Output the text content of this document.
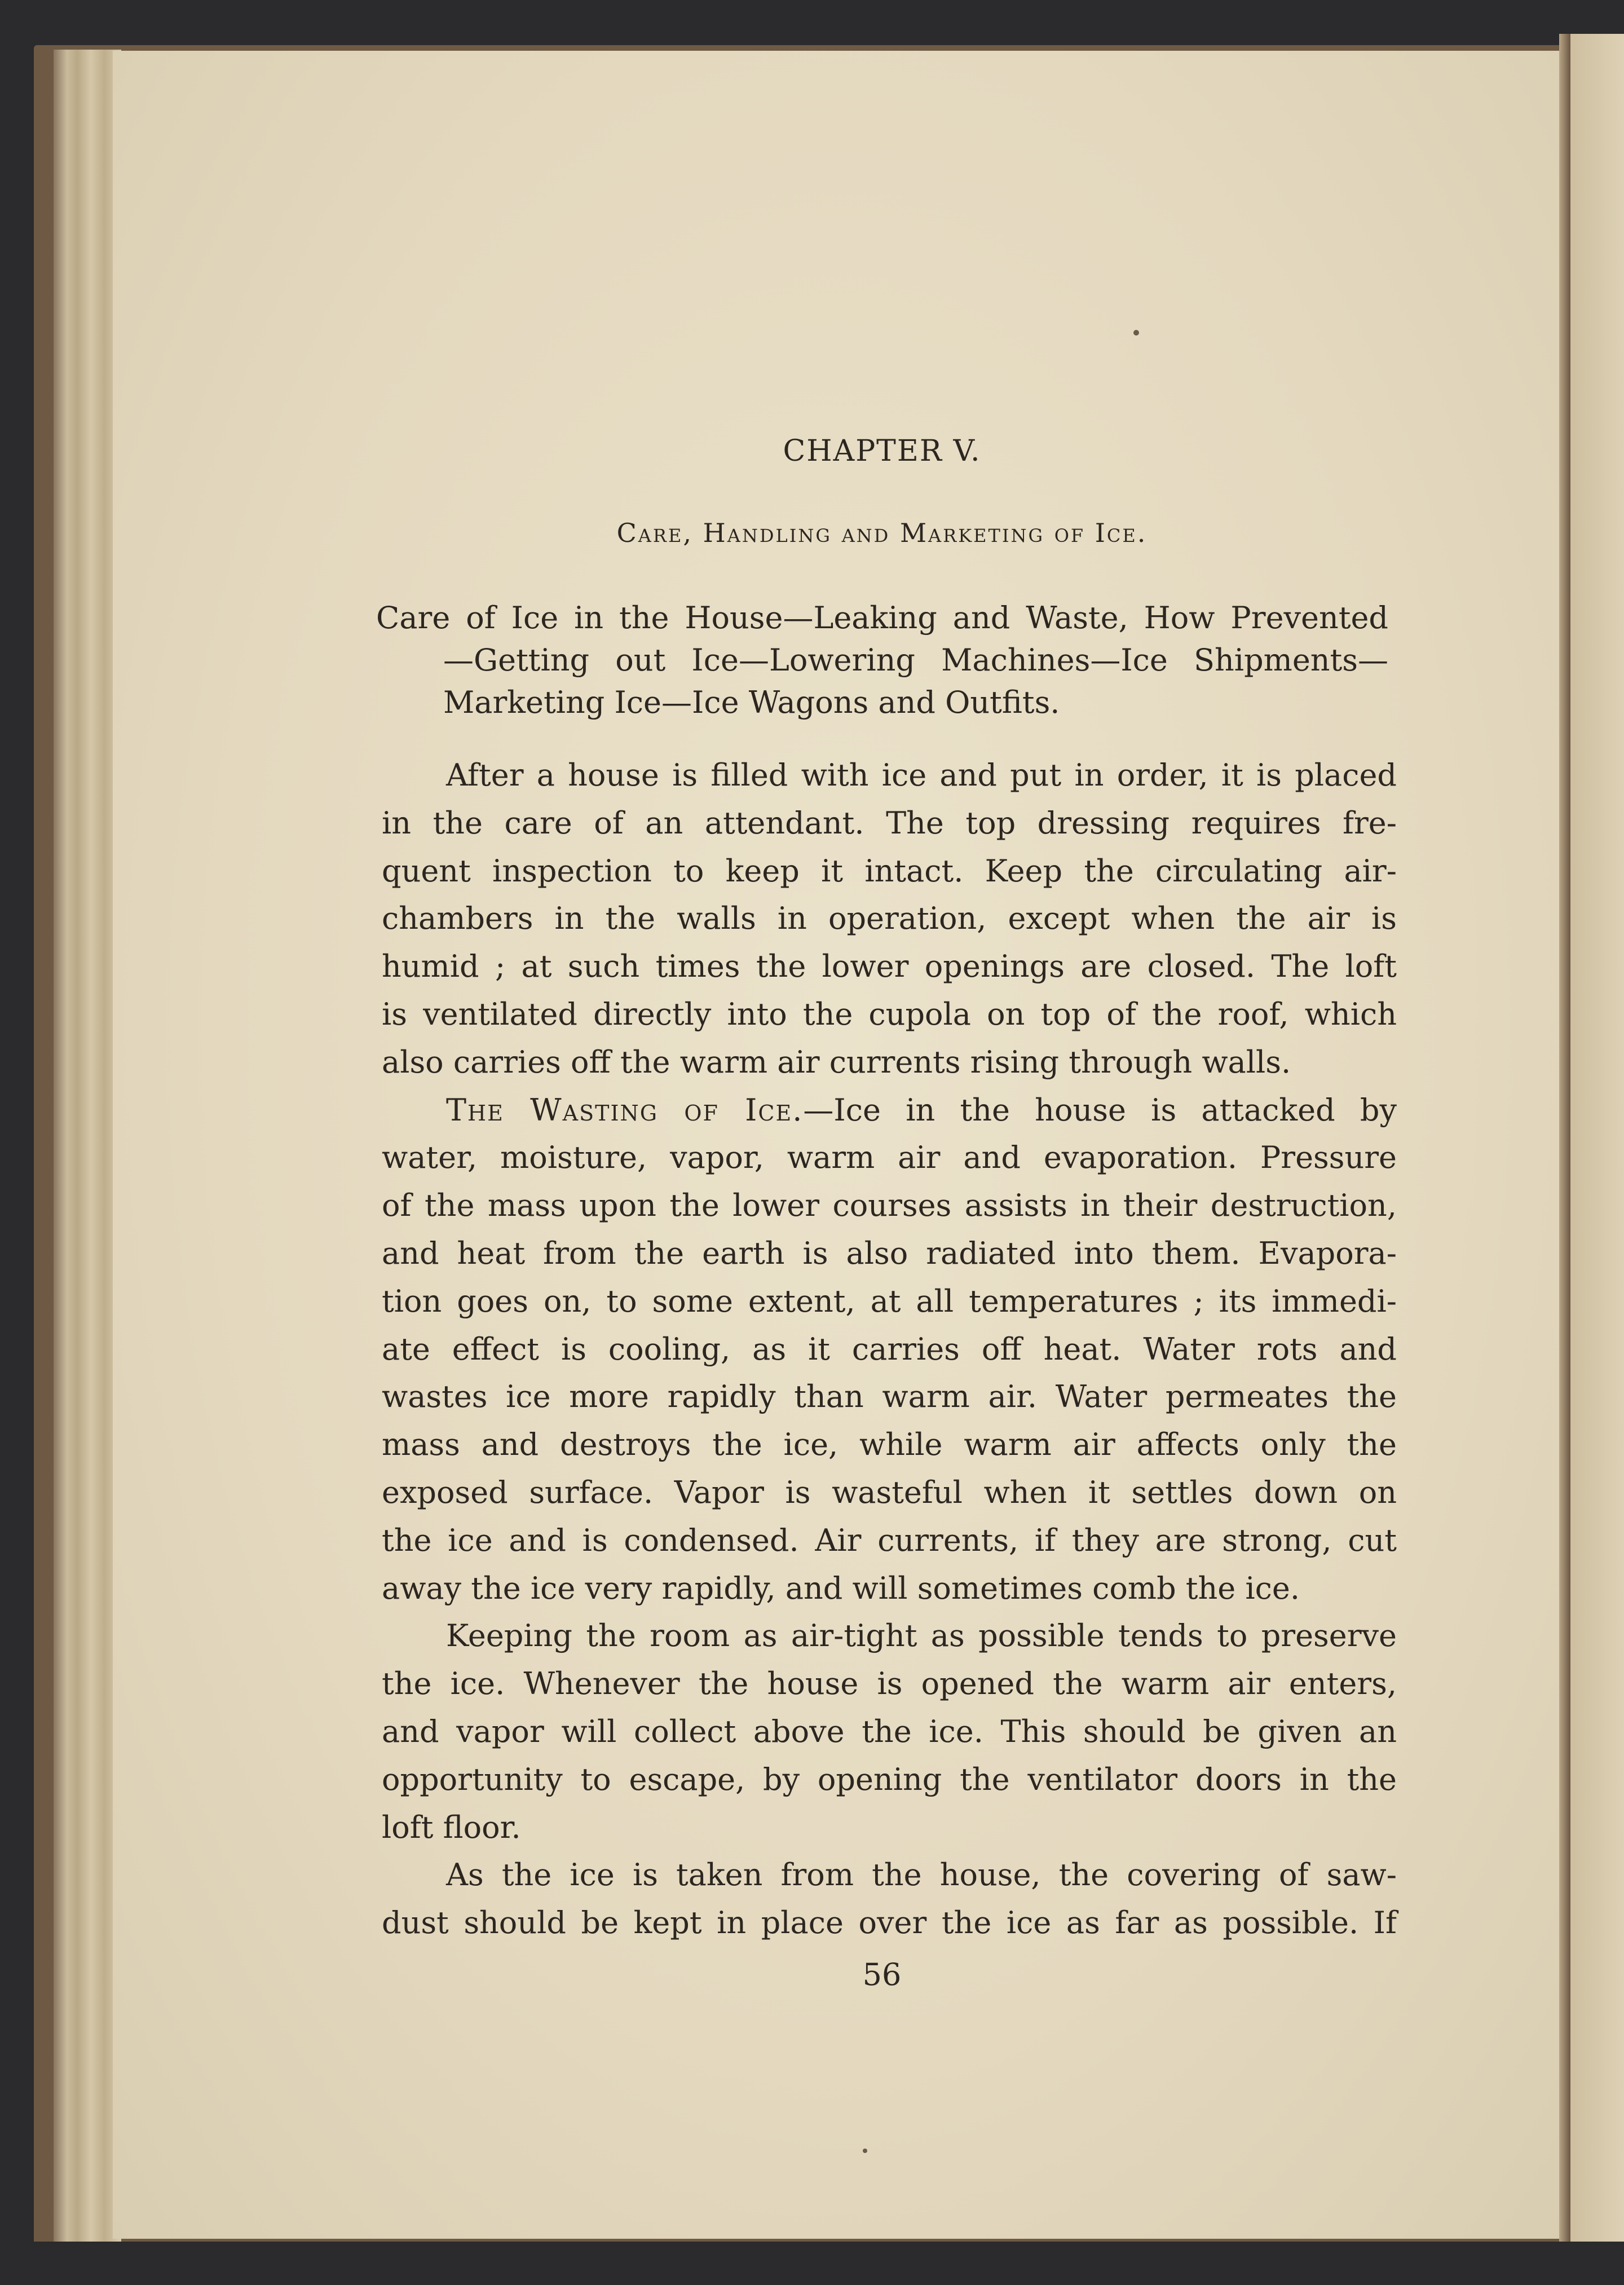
CHAPTER V.
Care, Handling and Marketing of Ice.
Care of Ice in the House—Leaking and Waste, How Prevented
—Getting out Ice—Lowering Machines—Ice Shipments—
Marketing Ice—Ice Wagons and Outfits.
After a house is filled with ice and put in order, it is placed
in the care of an attendant. The top dressing requires fre-
quent inspection to keep it intact. Keep the circulating air-
chambers in the walls in operation, except when the air is
humid ; at such times the lower openings are closed. The loft
is ventilated directly into the cupola on top of the roof, which
also carries off the warm air currents rising through walls.
The Wasting of Ice.—Ice in the house is attacked by
water, moisture, vapor, warm air and evaporation. Pressure
of the mass upon the lower courses assists in their destruction,
and heat from the earth is also radiated into them. Evapora-
tion goes on, to some extent, at all temperatures ; its immedi-
ate effect is cooling, as it carries off heat. Water rots and
wastes ice more rapidly than warm air. Water permeates the
mass and destroys the ice, while warm air affects only the
exposed surface. Vapor is wasteful when it settles down on
the ice and is condensed. Air currents, if they are strong, cut
away the ice very rapidly, and will sometimes comb the ice.
Keeping the room as air-tight as possible tends to preserve
the ice. Whenever the house is opened the warm air enters,
and vapor will collect above the ice. This should be given an
opportunity to escape, by opening the ventilator doors in the
loft floor.
As the ice is taken from the house, the covering of saw-
dust should be kept in place over the ice as far as possible. If
56
